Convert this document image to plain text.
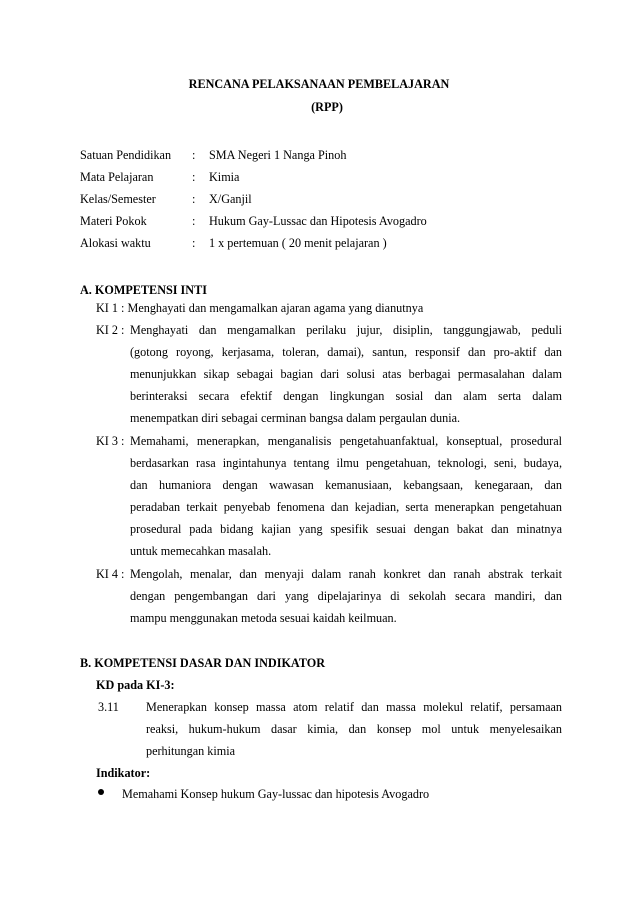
RENCANA PELAKSANAAN PEMBELAJARAN
(RPP)
Satuan Pendidikan : SMA Negeri 1 Nanga Pinoh
Mata Pelajaran	: Kimia
Kelas/Semester	: X/Ganjil
Materi Pokok	: Hukum Gay-Lussac dan Hipotesis Avogadro
Alokasi waktu	: 1 x pertemuan ( 20 menit pelajaran )
A. KOMPETENSI INTI
KI 1 : Menghayati dan mengamalkan ajaran agama yang dianutnya
KI 2 : Menghayati dan mengamalkan perilaku jujur, disiplin, tanggungjawab, peduli
(gotong royong, kerjasama, toleran, damai), santun, responsif dan pro-aktif dan
menunjukkan sikap sebagai bagian dari solusi atas berbagai permasalahan dalam
berinteraksi secara efektif dengan lingkungan sosial dan alam serta dalam
menempatkan diri sebagai cerminan bangsa dalam pergaulan dunia.
KI 3 : Memahami, menerapkan, menganalisis pengetahuanfaktual, konseptual, prosedural
berdasarkan rasa ingintahunya tentang ilmu pengetahuan, teknologi, seni, budaya,
dan humaniora dengan wawasan kemanusiaan, kebangsaan, kenegaraan, dan
peradaban terkait penyebab fenomena dan kejadian, serta menerapkan pengetahuan
prosedural pada bidang kajian yang spesifik sesuai dengan bakat dan minatnya
untuk memecahkan masalah.
KI 4 : Mengolah, menalar, dan menyaji dalam ranah konkret dan ranah abstrak terkait
dengan pengembangan dari yang dipelajarinya di sekolah secara mandiri, dan
mampu menggunakan metoda sesuai kaidah keilmuan.
B. KOMPETENSI DASAR DAN INDIKATOR
KD pada KI-3:
3.11 Menerapkan konsep massa atom relatif dan massa molekul relatif, persamaan
reaksi, hukum-hukum dasar kimia, dan konsep mol untuk menyelesaikan
perhitungan kimia
Indikator:
Memahami Konsep hukum Gay-lussac dan hipotesis Avogadro
